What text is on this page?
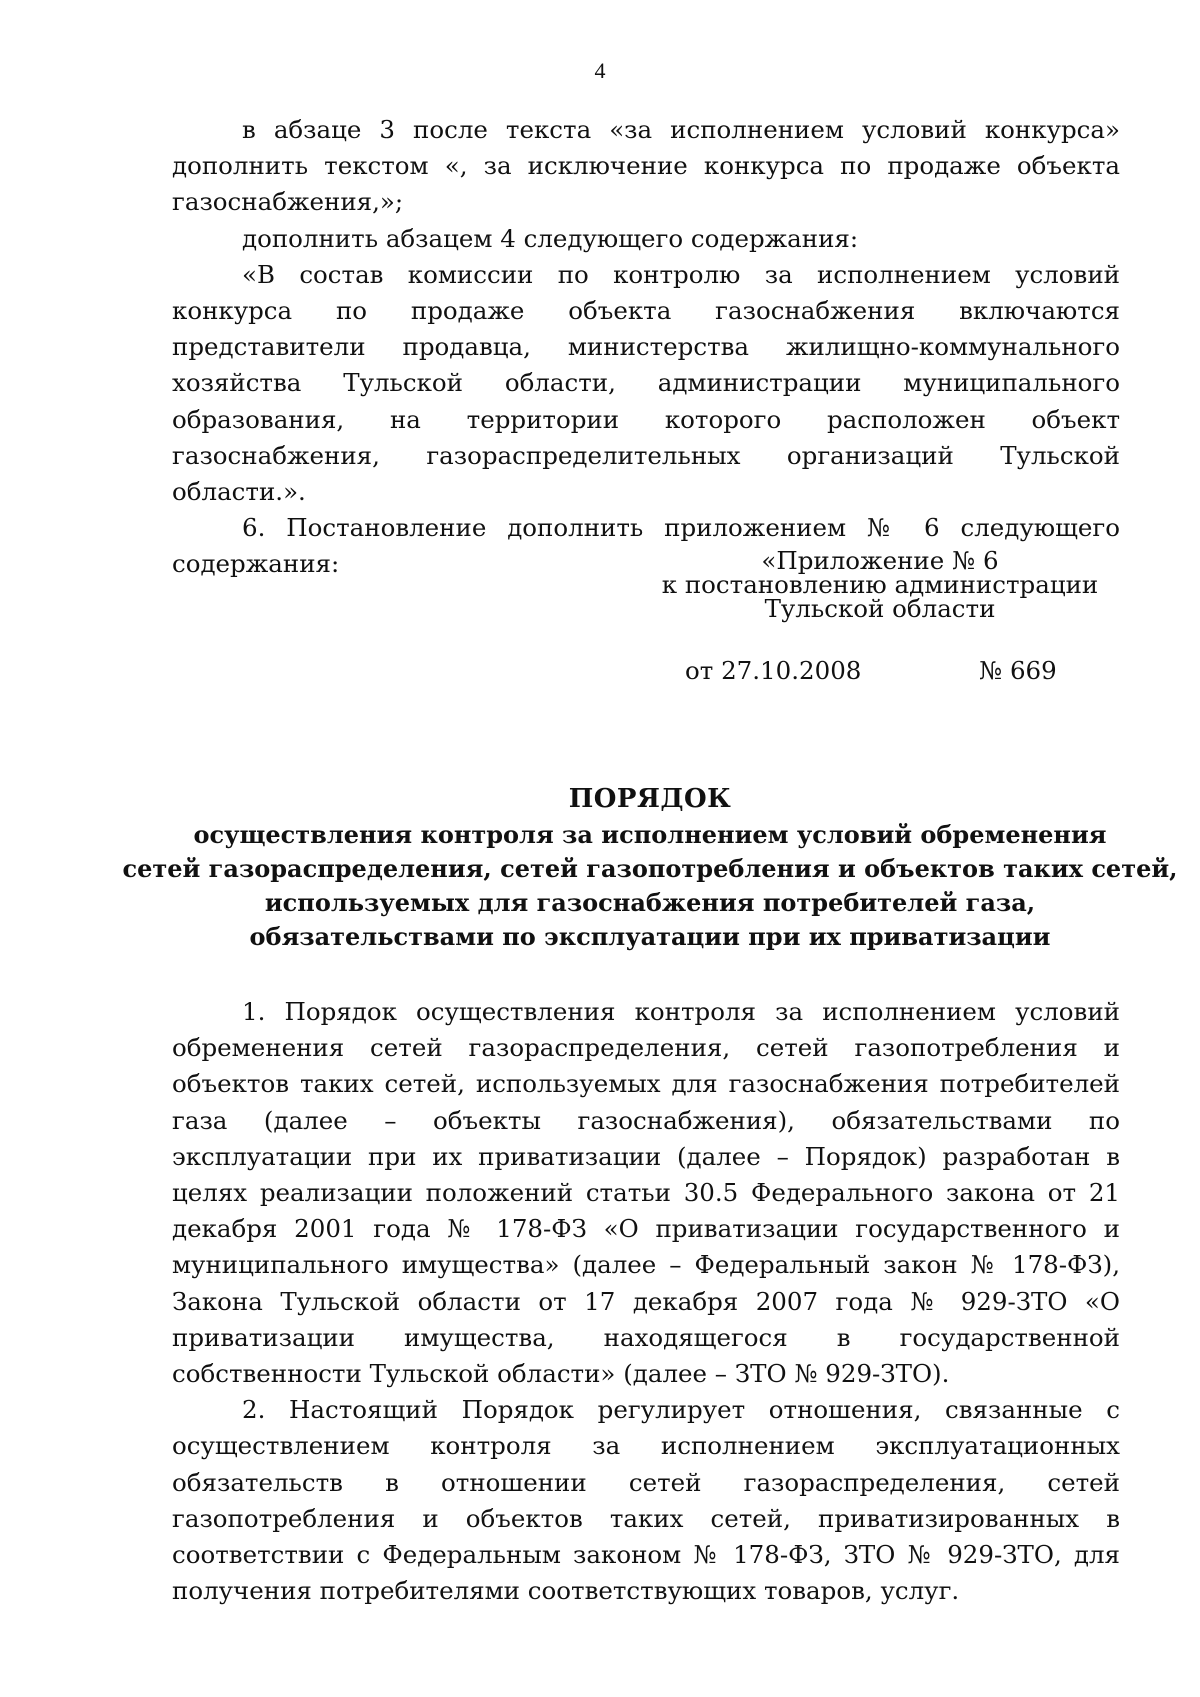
4

в абзаце 3 после текста «за исполнением условий конкурса» дополнить текстом «, за исключение конкурса по продаже объекта газоснабжения,»;

дополнить абзацем 4 следующего содержания:

«В состав комиссии по контролю за исполнением условий конкурса по продаже объекта газоснабжения включаются представители продавца, министерства жилищно-коммунального хозяйства Тульской области, администрации муниципального образования, на территории которого расположен объект газоснабжения, газораспределительных организаций Тульской области.».

6. Постановление дополнить приложением № 6 следующего содержания:	«Приложение № 6
к постановлению администрации
Тульской области
от 27.10.2008	№ 669
ПОРЯДОК
осуществления контроля за исполнением условий обременения
сетей газораспределения, сетей газопотребления и объектов таких сетей,
используемых для газоснабжения потребителей газа,
обязательствами по эксплуатации при их приватизации

1. Порядок осуществления контроля за исполнением условий обременения сетей газораспределения, сетей газопотребления и объектов таких сетей, используемых для газоснабжения потребителей газа (далее – объекты газоснабжения), обязательствами по эксплуатации при их приватизации (далее – Порядок) разработан в целях реализации положений статьи 30.5 Федерального закона от 21 декабря 2001 года № 178-ФЗ «О приватизации государственного и муниципального имущества» (далее – Федеральный закон № 178-ФЗ), Закона Тульской области от 17 декабря 2007 года № 929-ЗТО «О приватизации имущества, находящегося в государственной собственности Тульской области» (далее – ЗТО № 929-ЗТО).

2. Настоящий Порядок регулирует отношения, связанные с осуществлением контроля за исполнением эксплуатационных обязательств в отношении сетей газораспределения, сетей газопотребления и объектов таких сетей, приватизированных в соответствии с Федеральным законом № 178-ФЗ, ЗТО № 929-ЗТО, для получения потребителями соответствующих товаров, услуг.
